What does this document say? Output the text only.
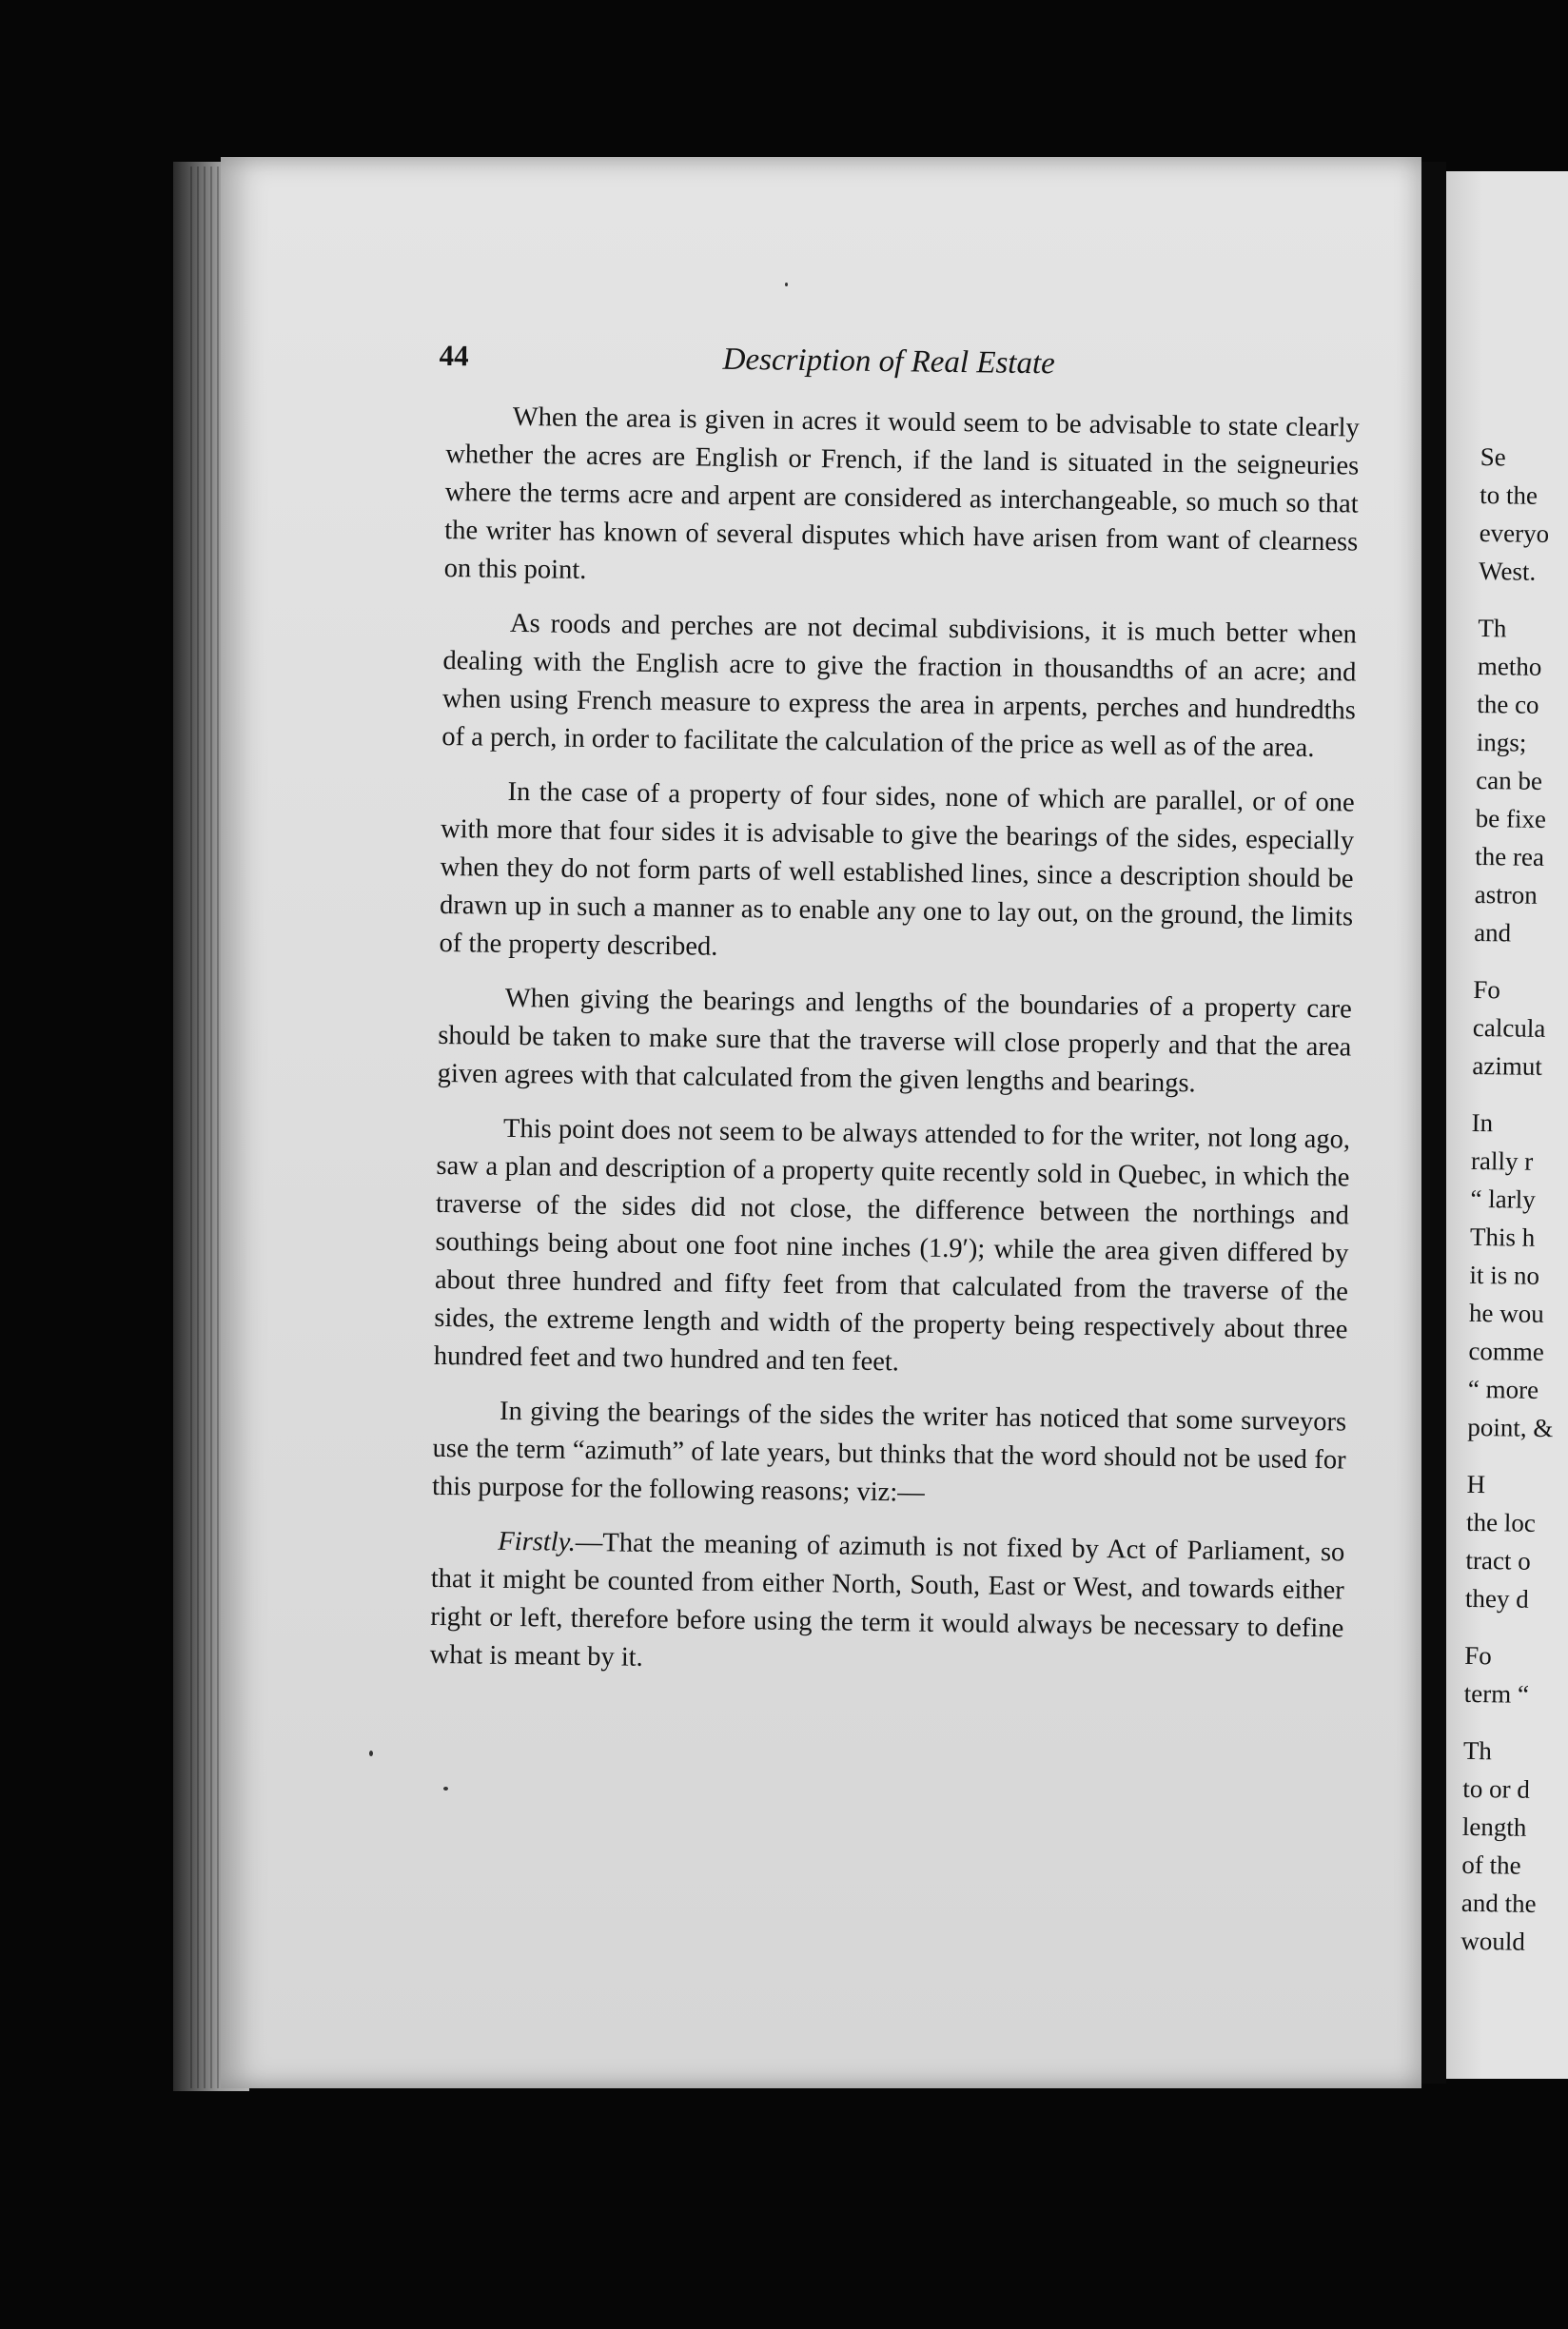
44	Description of Real Estate

When the area is given in acres it would seem to be advisable to state clearly whether the acres are English or French, if the land is situated in the seigneuries where the terms acre and arpent are considered as interchangeable, so much so that the writer has known of several disputes which have arisen from want of clearness on this point.

As roods and perches are not decimal subdivisions, it is much better when dealing with the English acre to give the fraction in thousandths of an acre; and when using French measure to express the area in arpents, perches and hundredths of a perch, in order to facilitate the calculation of the price as well as of the area.

In the case of a property of four sides, none of which are parallel, or of one with more that four sides it is advisable to give the bearings of the sides, especially when they do not form parts of well established lines, since a description should be drawn up in such a manner as to enable any one to lay out, on the ground, the limits of the property described.

When giving the bearings and lengths of the boundaries of a property care should be taken to make sure that the traverse will close properly and that the area given agrees with that calculated from the given lengths and bearings.

This point does not seem to be always attended to for the writer, not long ago, saw a plan and description of a property quite recently sold in Quebec, in which the traverse of the sides did not close, the difference between the northings and southings being about one foot nine inches (1.9′); while the area given differed by about three hundred and fifty feet from that calculated from the traverse of the sides, the extreme length and width of the property being respectively about three hundred feet and two hundred and ten feet.

In giving the bearings of the sides the writer has noticed that some surveyors use the term “azimuth” of late years, but thinks that the word should not be used for this purpose for the following reasons; viz:—

Firstly.—That the meaning of azimuth is not fixed by Act of Parliament, so that it might be counted from either North, South, East or West, and towards either right or left, therefore before using the term it would always be necessary to define what is meant by it.

Se
to the
everyo
West.
Th
metho
the co
ings;
can be
be fixe
the rea
astron
and
Fo
calcula
azimut
In
rally r
“ larly
This h
it is no
he wou
comme
“ more
point, &
H
the loc
tract o
they d
Fo
term “
Th
to or d
length
of the
and the
would
